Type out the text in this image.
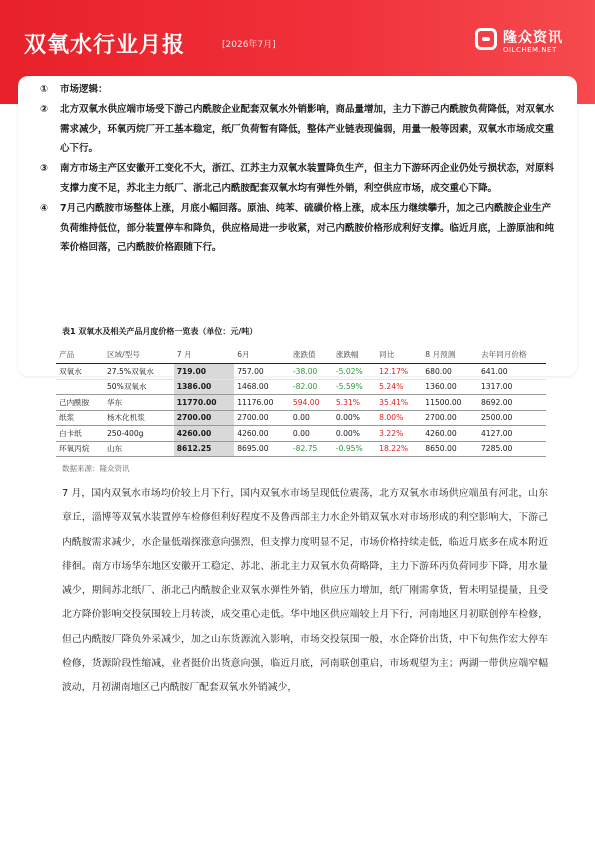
双氧水行业月报	[2026年7月]	隆众资讯
OILCHEM.NET
① 市场逻辑：
② 北方双氧水供应端市场受下游己内酰胺企业配套双氧水外销影响，商品量增加，主力下游己内酰胺负荷降低，对双氧水需求减少，环氧丙烷厂开工基本稳定，纸厂负荷暂有降低，整体产业链表现偏弱，用量一般等因素，双氧水市场成交重心下行。
③ 南方市场主产区安徽开工变化不大，浙江、江苏主力双氧水装置降负生产，但主力下游环丙企业仍处亏损状态，对原料支撑力度不足，苏北主力纸厂、浙北己内酰胺配套双氧水均有弹性外销，利空供应市场，成交重心下降。
④ 7月己内酰胺市场整体上涨，月底小幅回落。原油、纯苯、硫磺价格上涨，成本压力继续攀升，加之己内酰胺企业生产负荷维持低位，部分装置停车和降负，供应格局进一步收紧，对己内酰胺价格形成利好支撑。临近月底，上游原油和纯苯价格回落，己内酰胺价格跟随下行。
表1 双氧水及相关产品月度价格一览表（单位：元/吨）
产品	区域/型号	7 月	6月	涨跌值	涨跌幅	同比	8 月预测	去年同月价格
双氧水	27.5%双氧水	719.00	757.00	-38.00	-5.02%	12.17%	680.00	641.00
	50%双氧水	1386.00	1468.00	-82.00	-5.59%	5.24%	1360.00	1317.00
己内酰胺	华东	11770.00	11176.00	594.00	5.31%	35.41%	11500.00	8692.00
纸浆	杨木化机浆	2700.00	2700.00	0.00	0.00%	8.00%	2700.00	2500.00
白卡纸	250-400g	4260.00	4260.00	0.00	0.00%	3.22%	4260.00	4127.00
环氧丙烷	山东	8612.25	8695.00	-82.75	-0.95%	18.22%	8650.00	7285.00
数据来源：隆众资讯
7 月，国内双氧水市场均价较上月下行，国内双氧水市场呈现低位震荡，北方双氧水市场供应端虽有河北，山东章丘，淄博等双氧水装置停车检修但利好程度不及鲁西部主力水企外销双氧水对市场形成的利空影响大，下游己内酰胺需求减少，水企量低端探涨意向强烈，但支撑力度明显不足，市场价格持续走低，临近月底多在成本附近徘徊。南方市场华东地区安徽开工稳定、苏北、浙北主力双氧水负荷略降，主力下游环丙负荷同步下降，用水量减少，期间苏北纸厂、浙北己内酰胺企业双氧水弹性外销，供应压力增加，纸厂刚需拿货，暂未明显提量，且受北方降价影响交投氛围较上月转淡，成交重心走低。华中地区供应端较上月下行，河南地区月初联创停车检修，但己内酰胺厂降负外采减少，加之山东货源流入影响，市场交投氛围一般，水企降价出货，中下旬焦作宏大停车检修，货源阶段性缩减，业者挺价出货意向强，临近月底，河南联创重启，市场观望为主；两湖一带供应端窄幅波动，月初湖南地区己内酰胺厂配套双氧水外销减少，
